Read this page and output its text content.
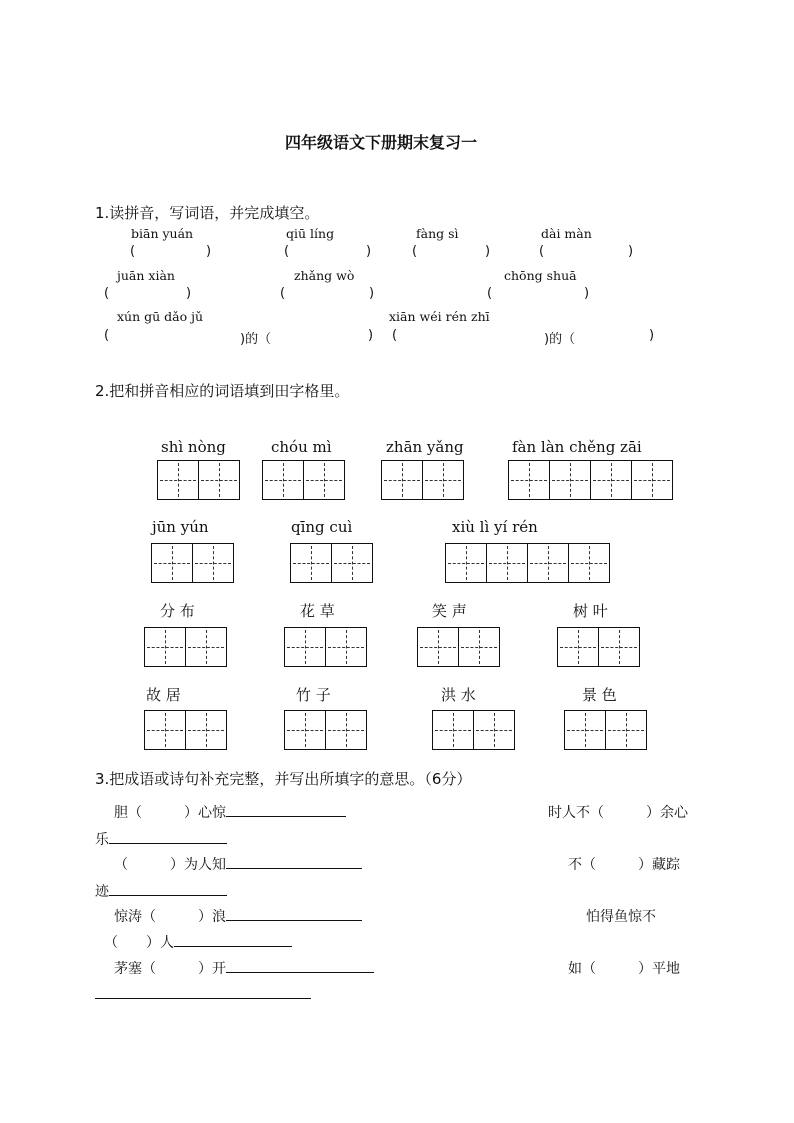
四年级语文下册期末复习一
1.读拼音，写词语，并完成填空。
biān yuán	qiū líng	fàng sì	dài màn
(	)	(	)	(	)	(	)
juān xiàn	zhǎng wò	chōng shuā
(	)	(	)	(	)
xún gū dǎo jǔ	xiān wéi rén zhī
(	)的（	) (	)的（	)
2.把和拼音相应的词语填到田字格里。
shì nòng	chóu mì	zhān yǎng	fàn làn chěng zāi
jūn yún	qīng cuì	xiù lì yí rén
分 布	花 草	笑 声	树 叶
故 居	竹 子	洪 水	景 色
3.把成语或诗句补充完整，并写出所填字的意思。（6分）
胆（　　　）心惊	时人不（　　　）余心
乐
（　　　）为人知	不（　　　）藏踪
迹
惊涛（　　　）浪	怕得鱼惊不
（　　）人
茅塞（　　　）开	如（　　　）平地
